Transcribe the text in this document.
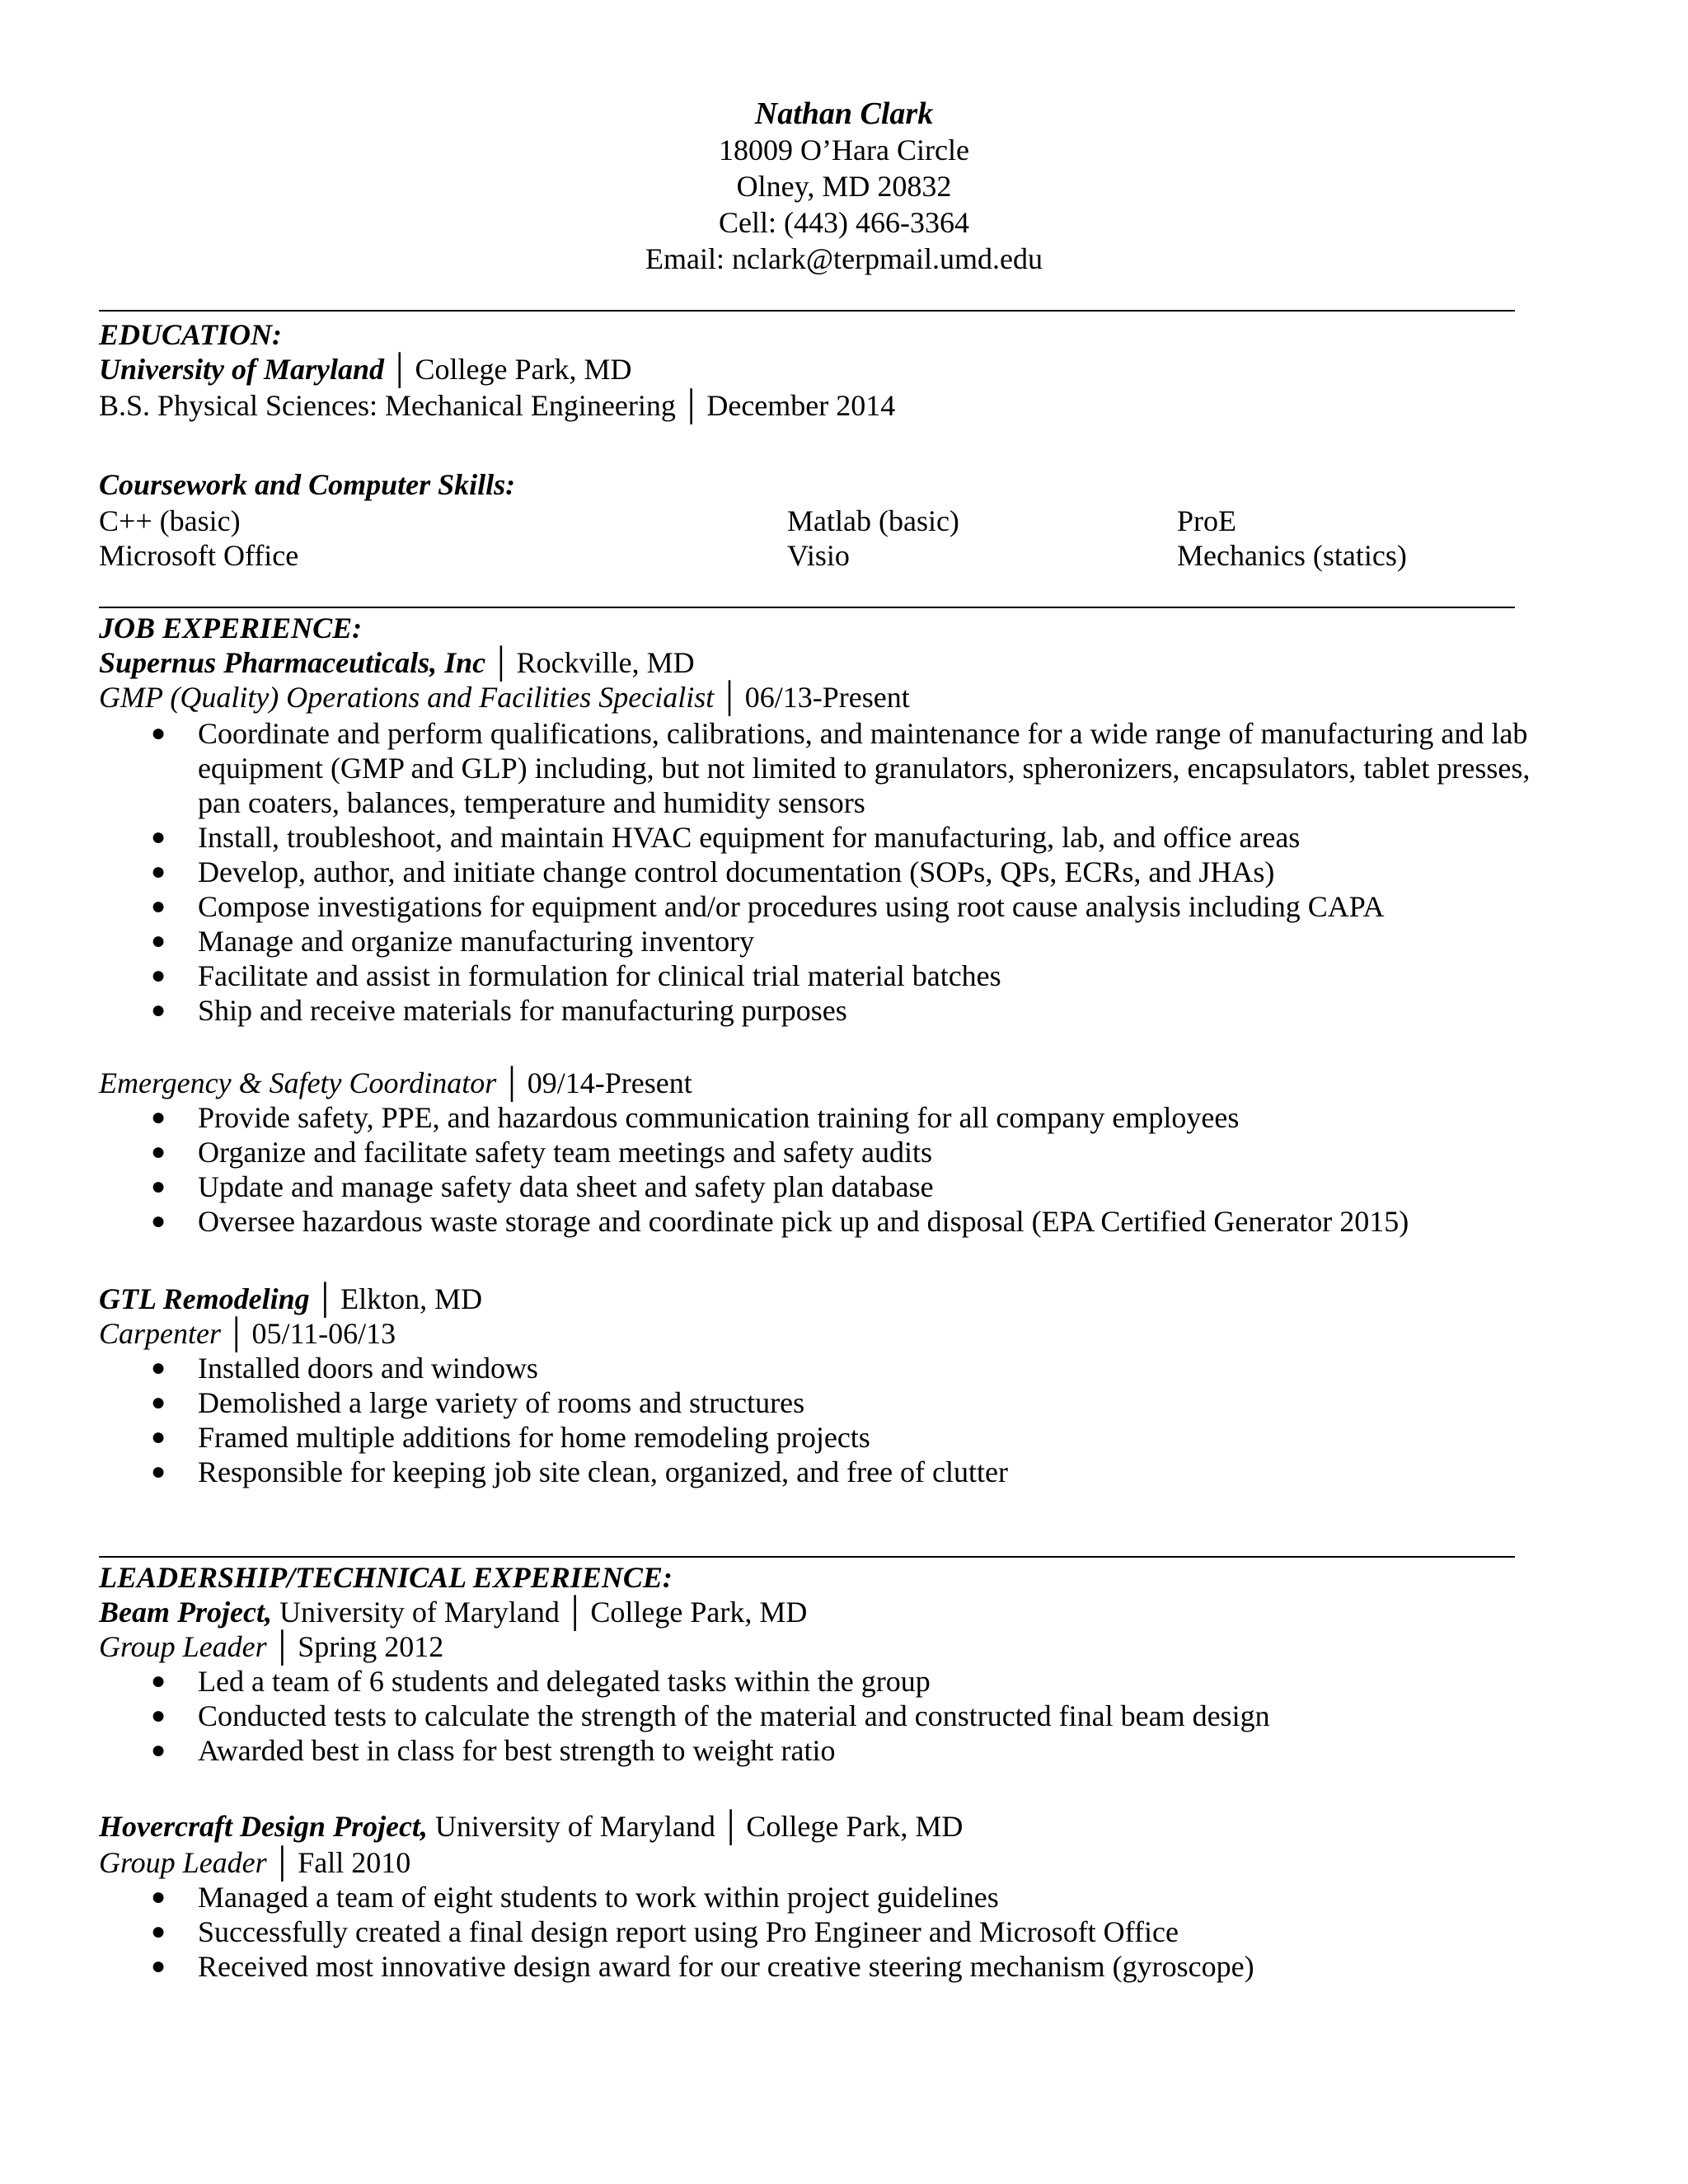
Nathan Clark
18009 O’Hara Circle
Olney, MD 20832
Cell: (443) 466-3364
Email: nclark@terpmail.umd.edu
EDUCATION:
University of Maryland │ College Park, MD
B.S. Physical Sciences: Mechanical Engineering │ December 2014
Coursework and Computer Skills:
C++ (basic)	Matlab (basic)	ProE
Microsoft Office	Visio	Mechanics (statics)
JOB EXPERIENCE:
Supernus Pharmaceuticals, Inc │ Rockville, MD
GMP (Quality) Operations and Facilities Specialist │ 06/13-Present
● Coordinate and perform qualifications, calibrations, and maintenance for a wide range of manufacturing and lab
equipment (GMP and GLP) including, but not limited to granulators, spheronizers, encapsulators, tablet presses,
pan coaters, balances, temperature and humidity sensors
● Install, troubleshoot, and maintain HVAC equipment for manufacturing, lab, and office areas
● Develop, author, and initiate change control documentation (SOPs, QPs, ECRs, and JHAs)
● Compose investigations for equipment and/or procedures using root cause analysis including CAPA
● Manage and organize manufacturing inventory
● Facilitate and assist in formulation for clinical trial material batches
● Ship and receive materials for manufacturing purposes
Emergency & Safety Coordinator │ 09/14-Present
● Provide safety, PPE, and hazardous communication training for all company employees
● Organize and facilitate safety team meetings and safety audits
● Update and manage safety data sheet and safety plan database
● Oversee hazardous waste storage and coordinate pick up and disposal (EPA Certified Generator 2015)
GTL Remodeling │ Elkton, MD
Carpenter │ 05/11-06/13
● Installed doors and windows
● Demolished a large variety of rooms and structures
● Framed multiple additions for home remodeling projects
● Responsible for keeping job site clean, organized, and free of clutter
LEADERSHIP/TECHNICAL EXPERIENCE:
Beam Project, University of Maryland │ College Park, MD
Group Leader │ Spring 2012
● Led a team of 6 students and delegated tasks within the group
● Conducted tests to calculate the strength of the material and constructed final beam design
● Awarded best in class for best strength to weight ratio
Hovercraft Design Project, University of Maryland │ College Park, MD
Group Leader │ Fall 2010
● Managed a team of eight students to work within project guidelines
● Successfully created a final design report using Pro Engineer and Microsoft Office
● Received most innovative design award for our creative steering mechanism (gyroscope)
